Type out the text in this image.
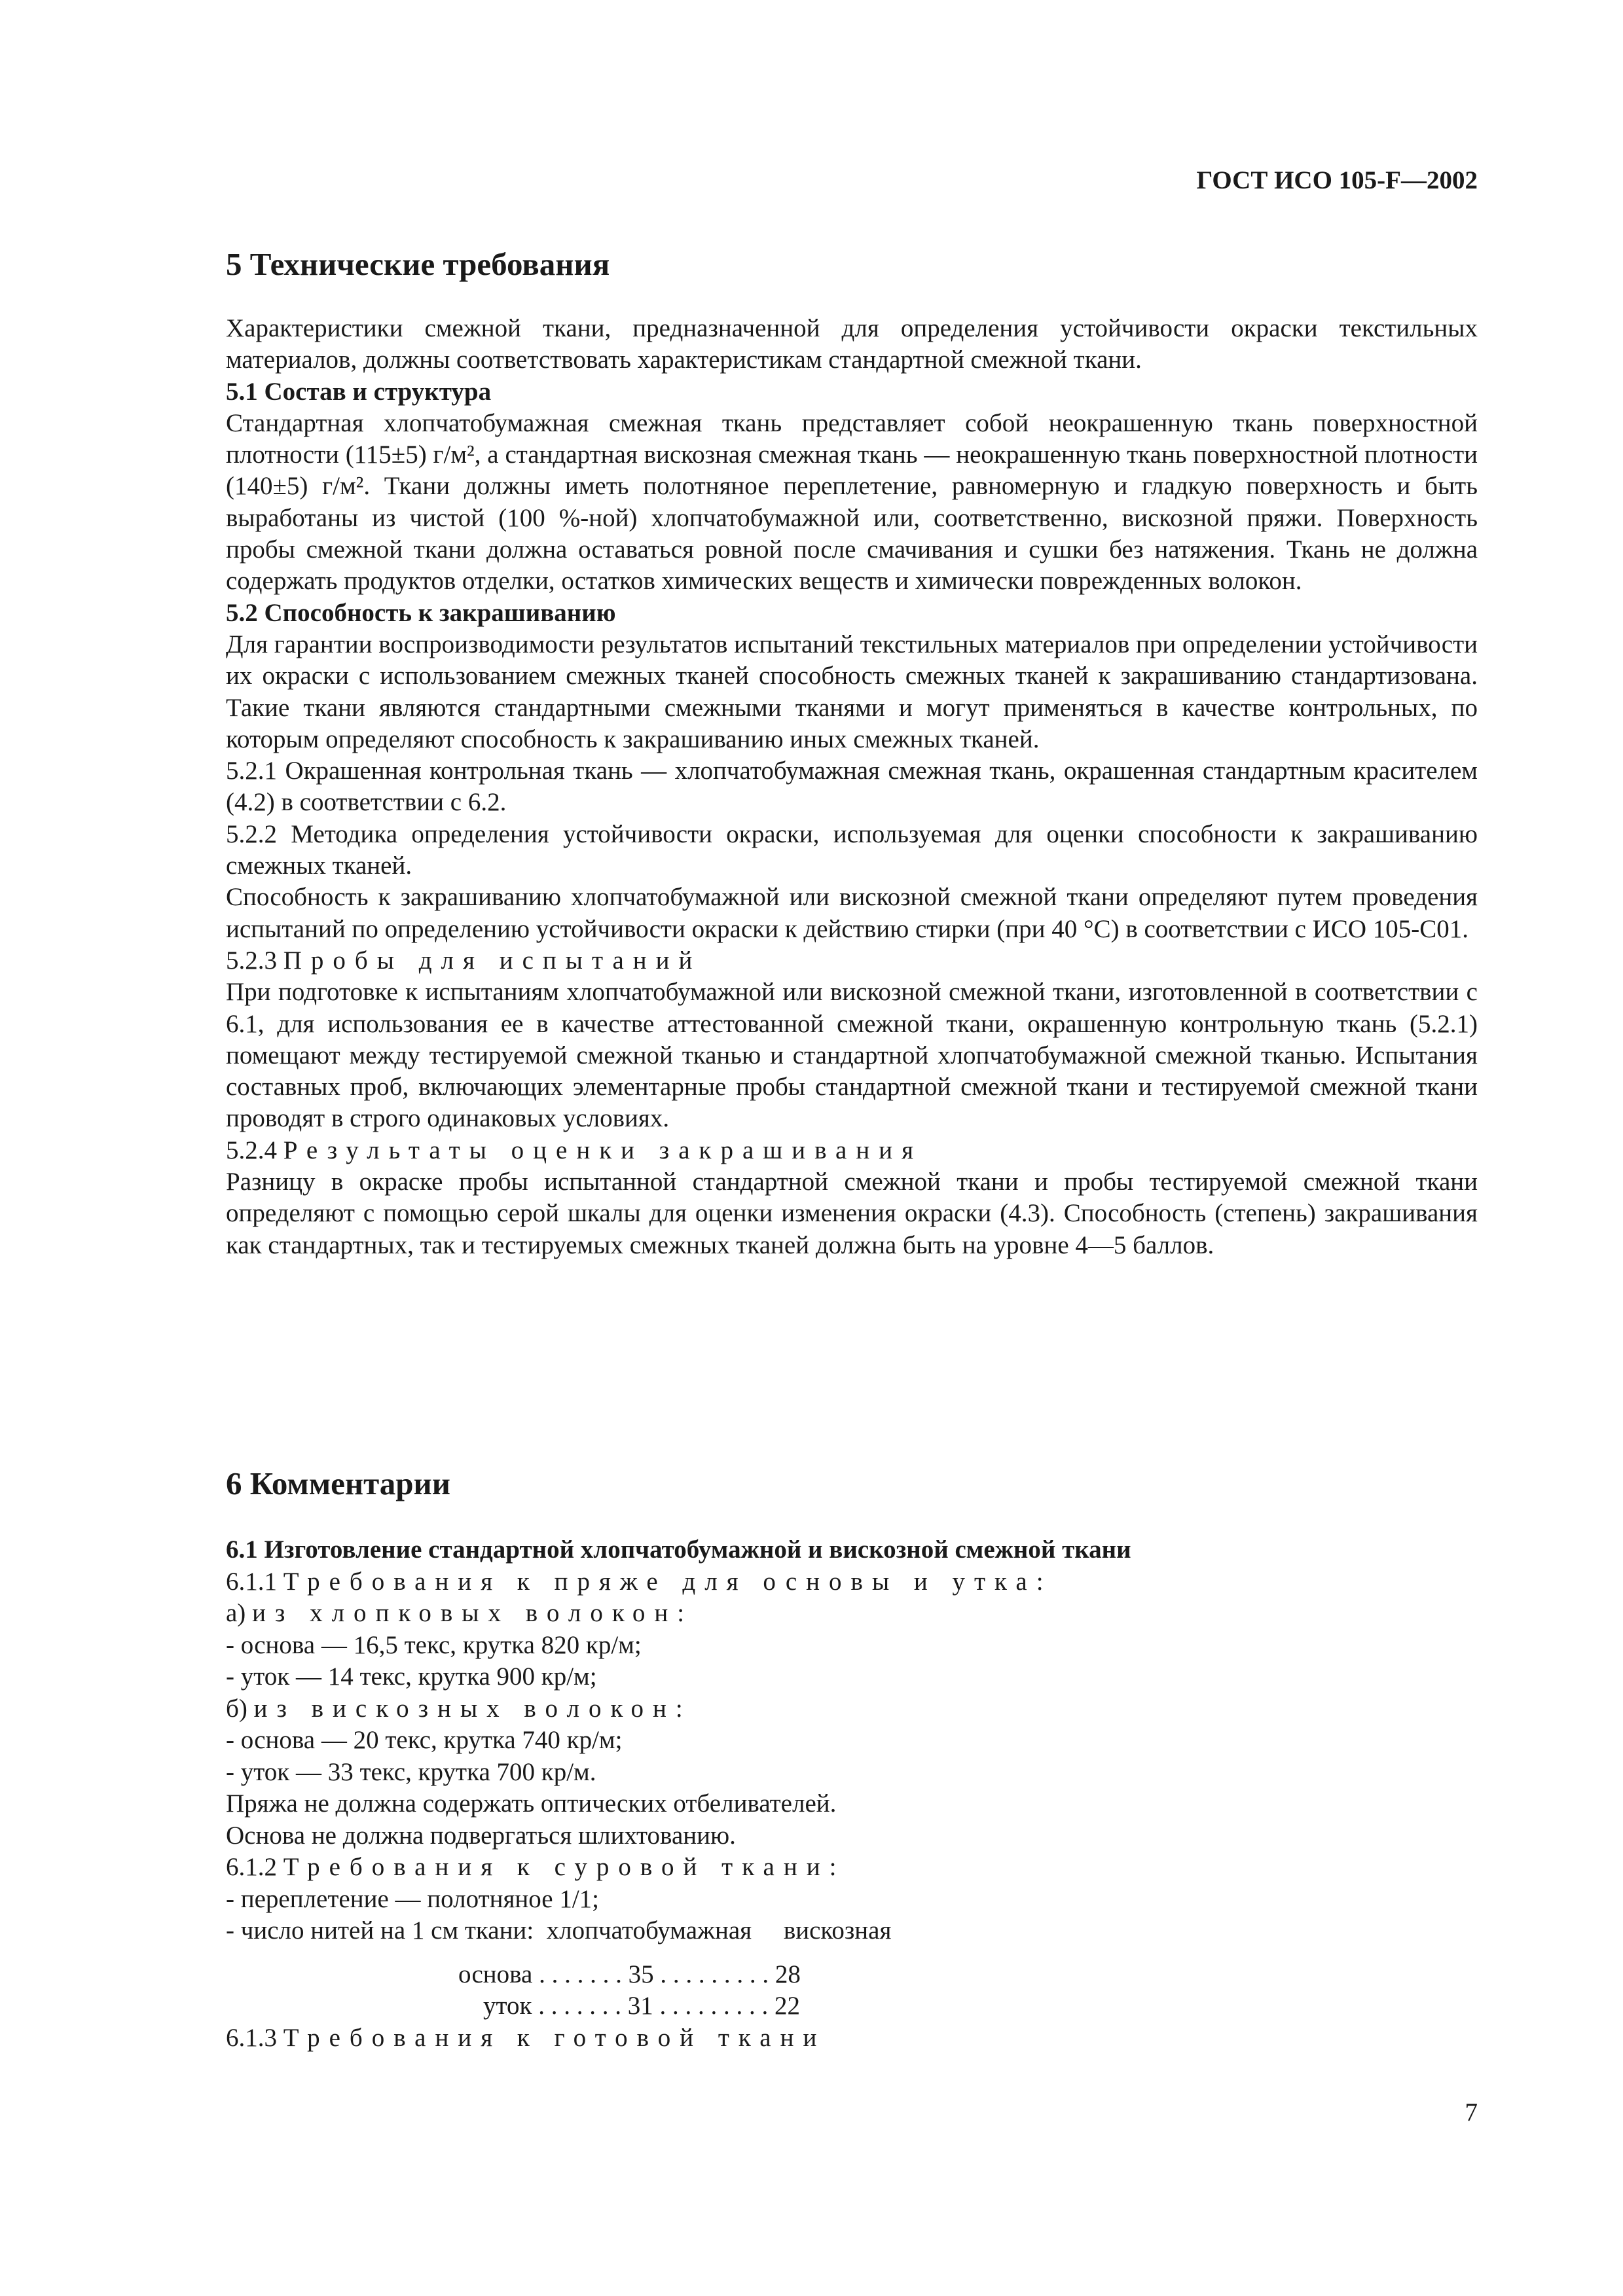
ГОСТ ИСО 105-F—2002
5 Технические требования

Характеристики смежной ткани, предназначенной для определения устойчивости окраски текстильных материалов, должны соответствовать характеристикам стандартной смежной ткани.

5.1 Состав и структура

Стандартная хлопчатобумажная смежная ткань представляет собой неокрашенную ткань поверхностной плотности (115±5) г/м², а стандартная вискозная смежная ткань — неокрашенную ткань поверхностной плотности (140±5) г/м². Ткани должны иметь полотняное переплетение, равномерную и гладкую поверхность и быть выработаны из чистой (100 %-ной) хлопчатобумажной или, соответственно, вискозной пряжи. Поверхность пробы смежной ткани должна оставаться ровной после смачивания и сушки без натяжения. Ткань не должна содержать продуктов отделки, остатков химических веществ и химически поврежденных волокон.

5.2 Способность к закрашиванию

Для гарантии воспроизводимости результатов испытаний текстильных материалов при определении устойчивости их окраски с использованием смежных тканей способность смежных тканей к закрашиванию стандартизована. Такие ткани являются стандартными смежными тканями и могут применяться в качестве контрольных, по которым определяют способность к закрашиванию иных смежных тканей.

5.2.1 Окрашенная контрольная ткань — хлопчатобумажная смежная ткань, окрашенная стандартным красителем (4.2) в соответствии с 6.2.

5.2.2 Методика определения устойчивости окраски, используемая для оценки способности к закрашиванию смежных тканей.

Способность к закрашиванию хлопчатобумажной или вискозной смежной ткани определяют путем проведения испытаний по определению устойчивости окраски к действию стирки (при 40 °С) в соответствии с ИСО 105-С01.

5.2.3 Пробы для испытаний

При подготовке к испытаниям хлопчатобумажной или вискозной смежной ткани, изготовленной в соответствии с 6.1, для использования ее в качестве аттестованной смежной ткани, окрашенную контрольную ткань (5.2.1) помещают между тестируемой смежной тканью и стандартной хлопчатобумажной смежной тканью. Испытания составных проб, включающих элементарные пробы стандартной смежной ткани и тестируемой смежной ткани проводят в строго одинаковых условиях.

5.2.4 Результаты оценки закрашивания

Разницу в окраске пробы испытанной стандартной смежной ткани и пробы тестируемой смежной ткани определяют с помощью серой шкалы для оценки изменения окраски (4.3). Способность (степень) закрашивания как стандартных, так и тестируемых смежных тканей должна быть на уровне 4—5 баллов.

6 Комментарии

6.1 Изготовление стандартной хлопчатобумажной и вискозной смежной ткани

6.1.1 Требования к пряже для основы и утка:

а) из хлопковых волокон:

- основа — 16,5 текс, крутка 820 кр/м;

- уток — 14 текс, крутка 900 кр/м;

б) из вискозных волокон:

- основа — 20 текс, крутка 740 кр/м;

- уток — 33 текс, крутка 700 кр/м.

Пряжа не должна содержать оптических отбеливателей.

Основа не должна подвергаться шлихтованию.

6.1.2 Требования к суровой ткани:

- переплетение — полотняное 1/1;

- число нитей на 1 см ткани:  хлопчатобумажная     вискозная

основа . . . . . . . 35 . . . . . . . . . 28
уток . . . . . . . 31 . . . . . . . . . 22
6.1.3 Требования к готовой ткани
7
